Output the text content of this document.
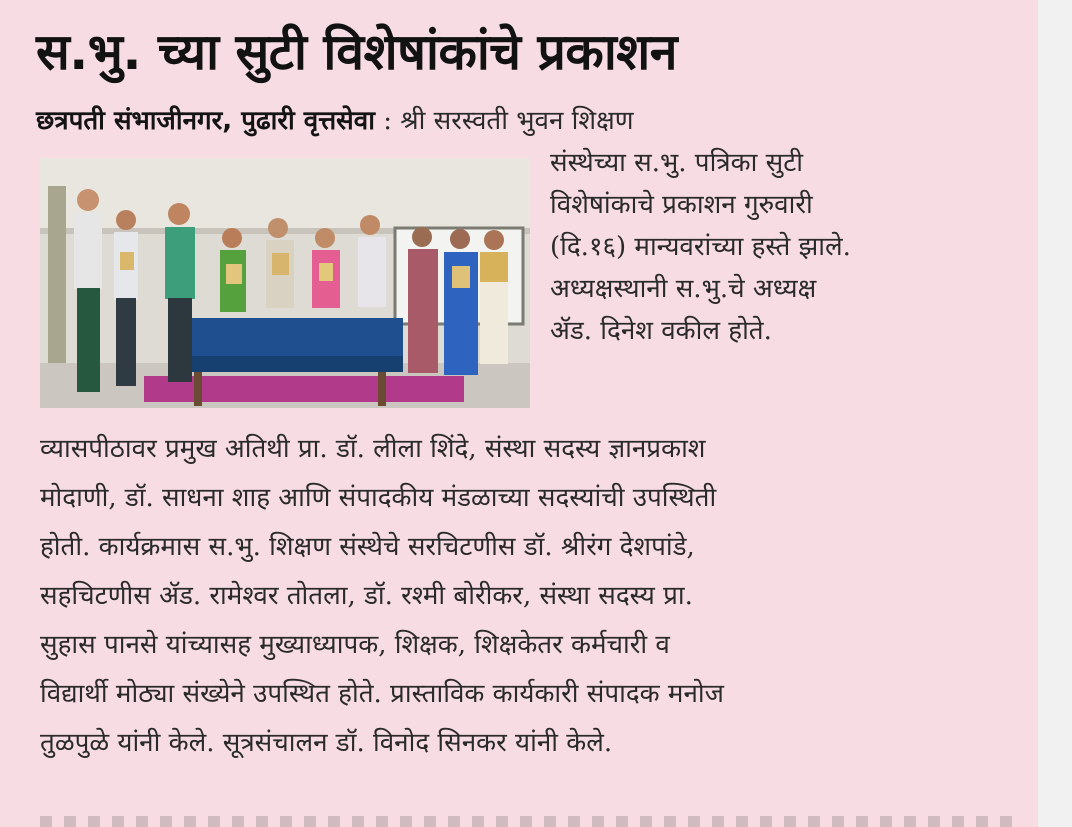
स.भु. च्या सुटी विशेषांकांचे प्रकाशन
छत्रपती संभाजीनगर, पुढारी वृत्तसेवा : श्री सरस्वती भुवन शिक्षण
संस्थेच्या स.भु. पत्रिका सुटी
विशेषांकाचे प्रकाशन गुरुवारी
(दि.१६) मान्यवरांच्या हस्ते झाले.
अध्यक्षस्थानी स.भु.चे अध्यक्ष
ॲड. दिनेश वकील होते.
व्यासपीठावर प्रमुख अतिथी प्रा. डॉ. लीला शिंदे, संस्था सदस्य ज्ञानप्रकाश
मोदाणी, डॉ. साधना शाह आणि संपादकीय मंडळाच्या सदस्यांची उपस्थिती
होती. कार्यक्रमास स.भु. शिक्षण संस्थेचे सरचिटणीस डॉ. श्रीरंग देशपांडे,
सहचिटणीस ॲड. रामेश्वर तोतला, डॉ. रश्मी बोरीकर, संस्था सदस्य प्रा.
सुहास पानसे यांच्यासह मुख्याध्यापक, शिक्षक, शिक्षकेतर कर्मचारी व
विद्यार्थी मोठ्या संख्येने उपस्थित होते. प्रास्ताविक कार्यकारी संपादक मनोज
तुळपुळे यांनी केले. सूत्रसंचालन डॉ. विनोद सिनकर यांनी केले.
